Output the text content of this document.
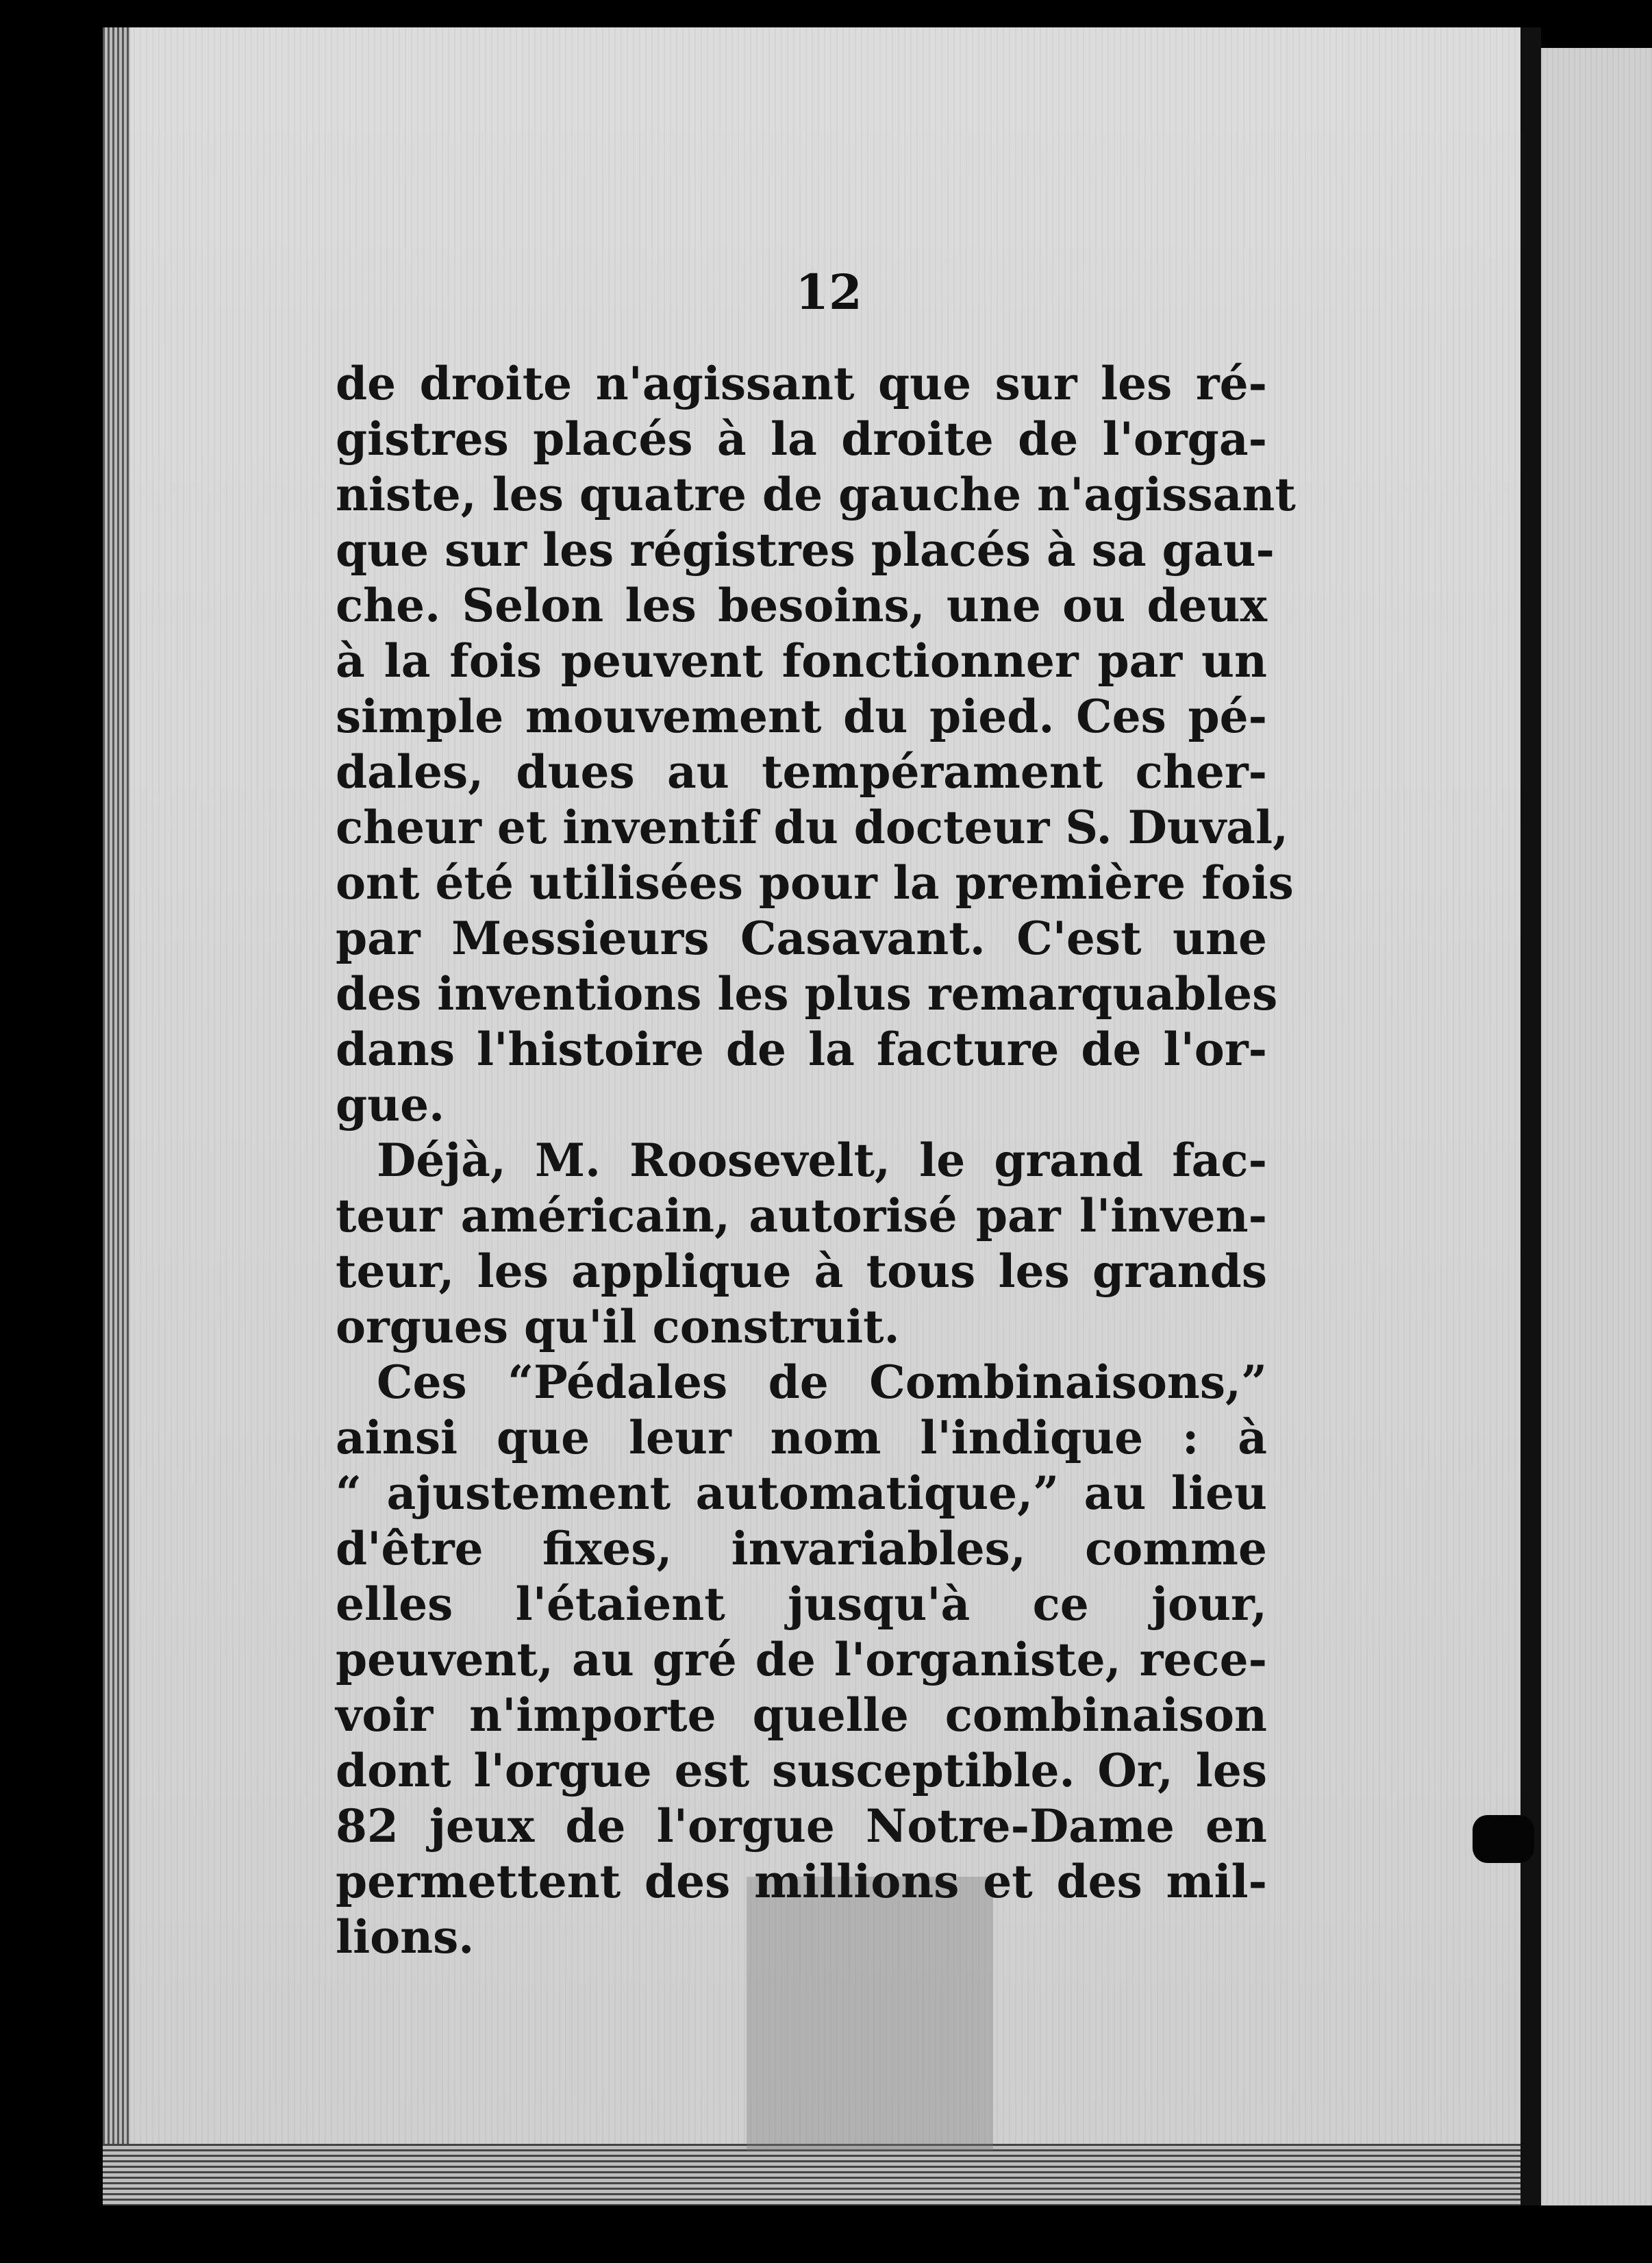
12
de droite n'agissant que sur les ré-
gistres placés à la droite de l'orga-
niste, les quatre de gauche n'agissant
que sur les régistres placés à sa gau-
che. Selon les besoins, une ou deux
à la fois peuvent fonctionner par un
simple mouvement du pied. Ces pé-
dales, dues au tempérament cher-
cheur et inventif du docteur S. Duval,
ont été utilisées pour la première fois
par Messieurs Casavant. C'est une
des inventions les plus remarquables
dans l'histoire de la facture de l'or-
gue.
Déjà, M. Roosevelt, le grand fac-
teur américain, autorisé par l'inven-
teur, les applique à tous les grands
orgues qu'il construit.
Ces “Pédales de Combinaisons,”
ainsi que leur nom l'indique : à
“ ajustement automatique,” au lieu
d'être fixes, invariables, comme
elles l'étaient jusqu'à ce jour,
peuvent, au gré de l'organiste, rece-
voir n'importe quelle combinaison
dont l'orgue est susceptible. Or, les
82 jeux de l'orgue Notre-Dame en
permettent des millions et des mil-
lions.
